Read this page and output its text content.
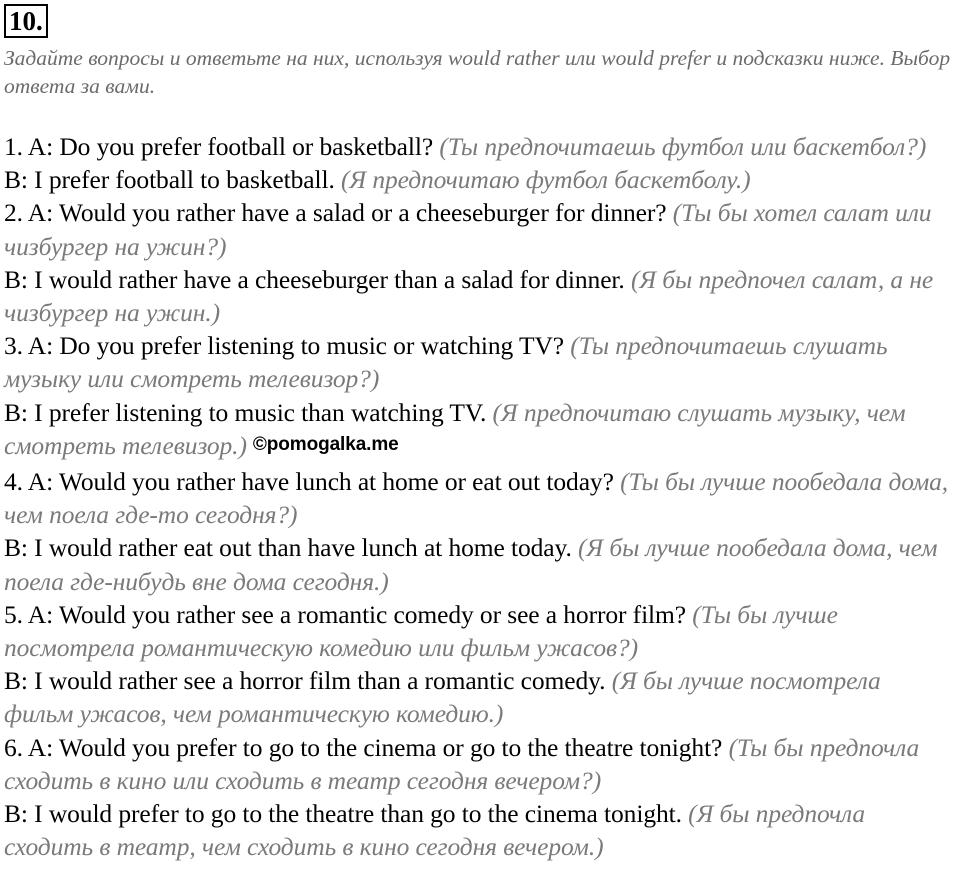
10.
Задайте вопросы и ответьте на них, используя would rather или would prefer и подсказки ниже. Выбор ответа за вами.

1. A: Do you prefer football or basketball? (Ты предпочитаешь футбол или баскетбол?)

B: I prefer football to basketball. (Я предпочитаю футбол баскетболу.)

2. A: Would you rather have a salad or a cheeseburger for dinner? (Ты бы хотел салат или чизбургер на ужин?)

B: I would rather have a cheeseburger than a salad for dinner. (Я бы предпочел салат, а не чизбургер на ужин.)

3. A: Do you prefer listening to music or watching TV? (Ты предпочитаешь слушать музыку или смотреть телевизор?)

B: I prefer listening to music than watching TV. (Я предпочитаю слушать музыку, чем смотреть телевизор.) ©pomogalka.me

4. A: Would you rather have lunch at home or eat out today? (Ты бы лучше пообедала дома, чем поела где-то сегодня?)

B: I would rather eat out than have lunch at home today. (Я бы лучше пообедала дома, чем поела где-нибудь вне дома сегодня.)

5. A: Would you rather see a romantic comedy or see a horror film? (Ты бы лучше посмотрела романтическую комедию или фильм ужасов?)

B: I would rather see a horror film than a romantic comedy. (Я бы лучше посмотрела фильм ужасов, чем романтическую комедию.)

6. A: Would you prefer to go to the cinema or go to the theatre tonight? (Ты бы предпочла сходить в кино или сходить в театр сегодня вечером?)

B: I would prefer to go to the theatre than go to the cinema tonight. (Я бы предпочла сходить в театр, чем сходить в кино сегодня вечером.)
